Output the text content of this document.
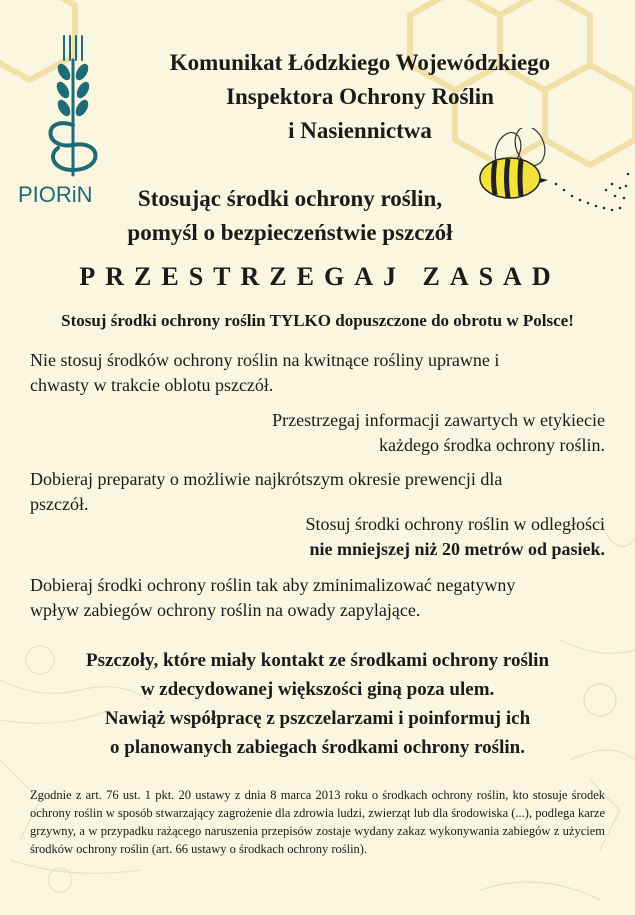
PIORiN
Komunikat Łódzkiego Wojewódzkiego
Inspektora Ochrony Roślin
i Nasiennictwa
Stosując środki ochrony roślin,
pomyśl o bezpieczeństwie pszczół
PRZESTRZEGAJ ZASAD
Stosuj środki ochrony roślin TYLKO dopuszczone do obrotu w Polsce!
Nie stosuj środków ochrony roślin na kwitnące rośliny uprawne i
chwasty w trakcie oblotu pszczół.
Przestrzegaj informacji zawartych w etykiecie
każdego środka ochrony roślin.
Dobieraj preparaty o możliwie najkrótszym okresie prewencji dla
pszczół.
Stosuj środki ochrony roślin w odległości
nie mniejszej niż 20 metrów od pasiek.
Dobieraj środki ochrony roślin tak aby zminimalizować negatywny
wpływ zabiegów ochrony roślin na owady zapylające.
Pszczoły, które miały kontakt ze środkami ochrony roślin
w zdecydowanej większości giną poza ulem.
Nawiąż współpracę z pszczelarzami i poinformuj ich
o planowanych zabiegach środkami ochrony roślin.
Zgodnie z art. 76 ust. 1 pkt. 20 ustawy z dnia 8 marca 2013 roku o środkach ochrony roślin, kto stosuje środek ochrony roślin w sposób stwarzający zagrożenie dla zdrowia ludzi, zwierząt lub dla środowiska (...), podlega karze grzywny, a w przypadku rażącego naruszenia przepisów zostaje wydany zakaz wykonywania zabiegów z użyciem środków ochrony roślin (art. 66 ustawy o środkach ochrony roślin).
